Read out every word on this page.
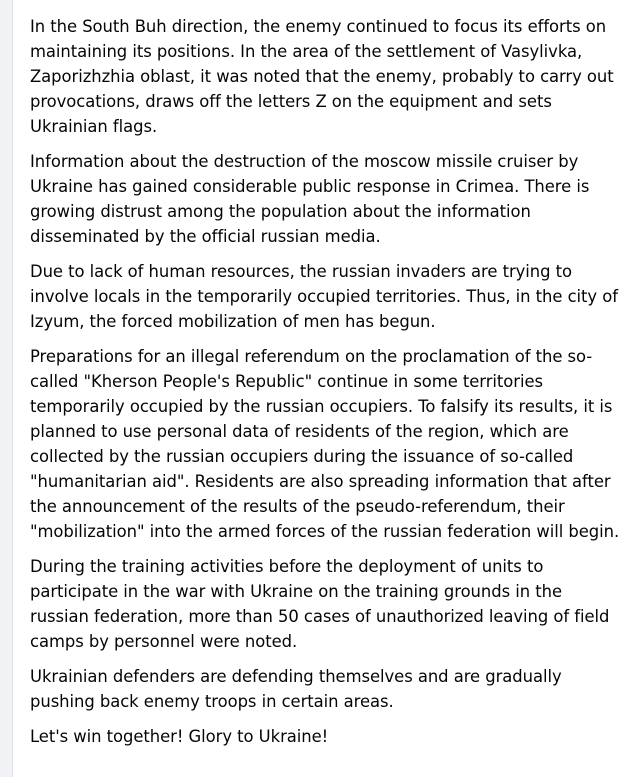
In the South Buh direction, the enemy continued to focus its efforts on maintaining its positions. In the area of the settlement of Vasylivka, Zaporizhzhia oblast, it was noted that the enemy, probably to carry out provocations, draws off the letters Z on the equipment and sets Ukrainian flags.

Information about the destruction of the moscow missile cruiser by Ukraine has gained considerable public response in Crimea. There is growing distrust among the population about the information disseminated by the official russian media.

Due to lack of human resources, the russian invaders are trying to involve locals in the temporarily occupied territories. Thus, in the city of Izyum, the forced mobilization of men has begun.

Preparations for an illegal referendum on the proclamation of the so-called "Kherson People's Republic" continue in some territories temporarily occupied by the russian occupiers. To falsify its results, it is planned to use personal data of residents of the region, which are collected by the russian occupiers during the issuance of so-called "humanitarian aid". Residents are also spreading information that after the announcement of the results of the pseudo-referendum, their "mobilization" into the armed forces of the russian federation will begin.

During the training activities before the deployment of units to participate in the war with Ukraine on the training grounds in the russian federation, more than 50 cases of unauthorized leaving of field camps by personnel were noted.

Ukrainian defenders are defending themselves and are gradually pushing back enemy troops in certain areas.

Let's win together! Glory to Ukraine!
